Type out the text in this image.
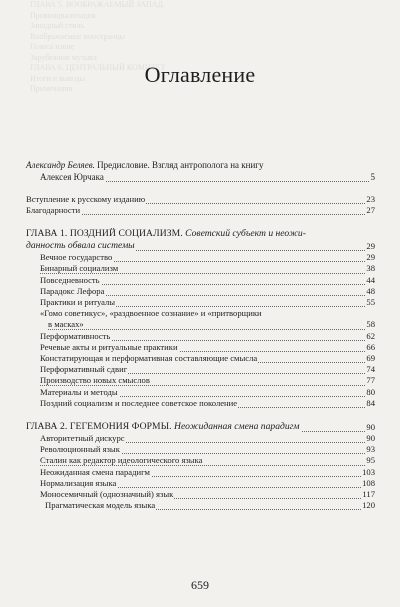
ГЛАВА 5. ВООБРАЖАЕМЫЙ ЗАПАД.
Провинциализация
Западный стиль
Воображаемые иностранцы
Голоса извне
Зарубежная музыка
ГЛАВА 6. ЦЕНТРАЛЬНЫЙ КОМИТЕТ
Итоги и выводы
Примечания
Оглавление
Александр Беляев. Предисловие. Взгляд антрополога на книгу
Алексея Юрчака	5
Вступление к русскому изданию	23
Благодарности	27
ГЛАВА 1. ПОЗДНИЙ СОЦИАЛИЗМ. Советский субъект и неожи-
данность обвала системы	29
Вечное государство	29
Бинарный социализм	38
Повседневность	44
Парадокс Лефора	48
Практики и ритуалы	55
«Гомо советикус», «раздвоенное сознание» и «притворщики
в масках»	58
Перформативность	62
Речевые акты и ритуальные практики	66
Констатирующая и перформативная составляющие смысла	69
Перформативный сдвиг	74
Производство новых смыслов	77
Материалы и методы	80
Поздний социализм и последнее советское поколение	84
ГЛАВА 2. ГЕГЕМОНИЯ ФОРМЫ. Неожиданная смена парадигм	90
Авторитетный дискурс	90
Революционный язык	93
Сталин как редактор идеологического языка	95
Неожиданная смена парадигм	103
Нормализация языка	108
Моносемичный (однозначный) язык	117
Прагматическая модель языка	120
659
